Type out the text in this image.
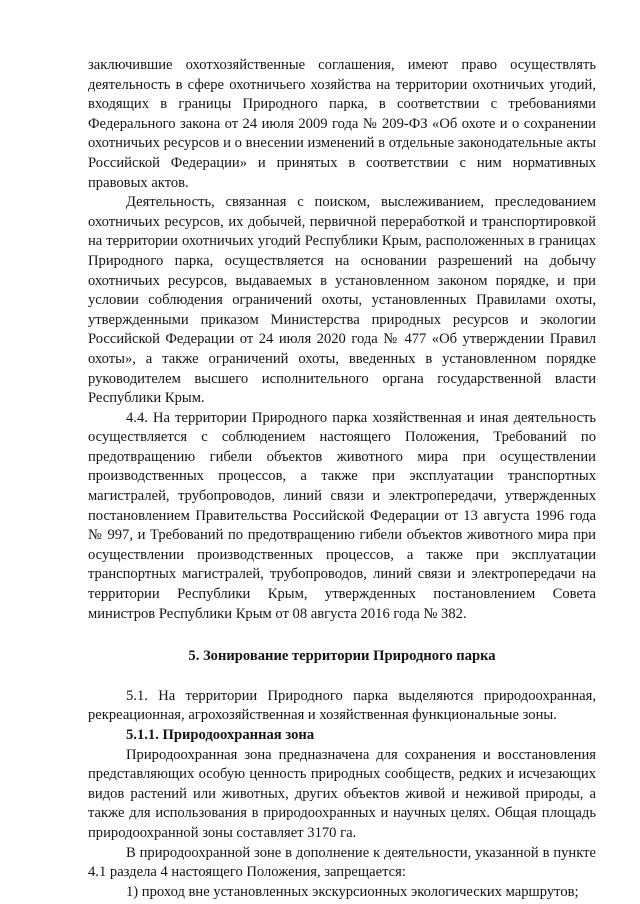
заключившие охотхозяйственные соглашения, имеют право осуществлять деятельность в сфере охотничьего хозяйства на территории охотничьих угодий, входящих в границы Природного парка, в соответствии с требованиями Федерального закона от 24 июля 2009 года № 209-ФЗ «Об охоте и о сохранении охотничьих ресурсов и о внесении изменений в отдельные законодательные акты Российской Федерации» и принятых в соответствии с ним нормативных правовых актов.

Деятельность, связанная с поиском, выслеживанием, преследованием охотничьих ресурсов, их добычей, первичной переработкой и транспортировкой на территории охотничьих угодий Республики Крым, расположенных в границах Природного парка, осуществляется на основании разрешений на добычу охотничьих ресурсов, выдаваемых в установленном законом порядке, и при условии соблюдения ограничений охоты, установленных Правилами охоты, утвержденными приказом Министерства природных ресурсов и экологии Российской Федерации от 24 июля 2020 года № 477 «Об утверждении Правил охоты», а также ограничений охоты, введенных в установленном порядке руководителем высшего исполнительного органа государственной власти Республики Крым.

4.4. На территории Природного парка хозяйственная и иная деятельность осуществляется с соблюдением настоящего Положения, Требований по предотвращению гибели объектов животного мира при осуществлении производственных процессов, а также при эксплуатации транспортных магистралей, трубопроводов, линий связи и электропередачи, утвержденных постановлением Правительства Российской Федерации от 13 августа 1996 года № 997, и Требований по предотвращению гибели объектов животного мира при осуществлении производственных процессов, а также при эксплуатации транспортных магистралей, трубопроводов, линий связи и электропередачи на территории Республики Крым, утвержденных постановлением Совета министров Республики Крым от 08 августа 2016 года № 382.

5. Зонирование территории Природного парка

5.1. На территории Природного парка выделяются природоохранная, рекреационная, агрохозяйственная и хозяйственная функциональные зоны.

5.1.1. Природоохранная зона

Природоохранная зона предназначена для сохранения и восстановления представляющих особую ценность природных сообществ, редких и исчезающих видов растений или животных, других объектов живой и неживой природы, а также для использования в природоохранных и научных целях. Общая площадь природоохранной зоны составляет 3170 га.

В природоохранной зоне в дополнение к деятельности, указанной в пункте 4.1 раздела 4 настоящего Положения, запрещается:

1) проход вне установленных экскурсионных экологических маршрутов;
